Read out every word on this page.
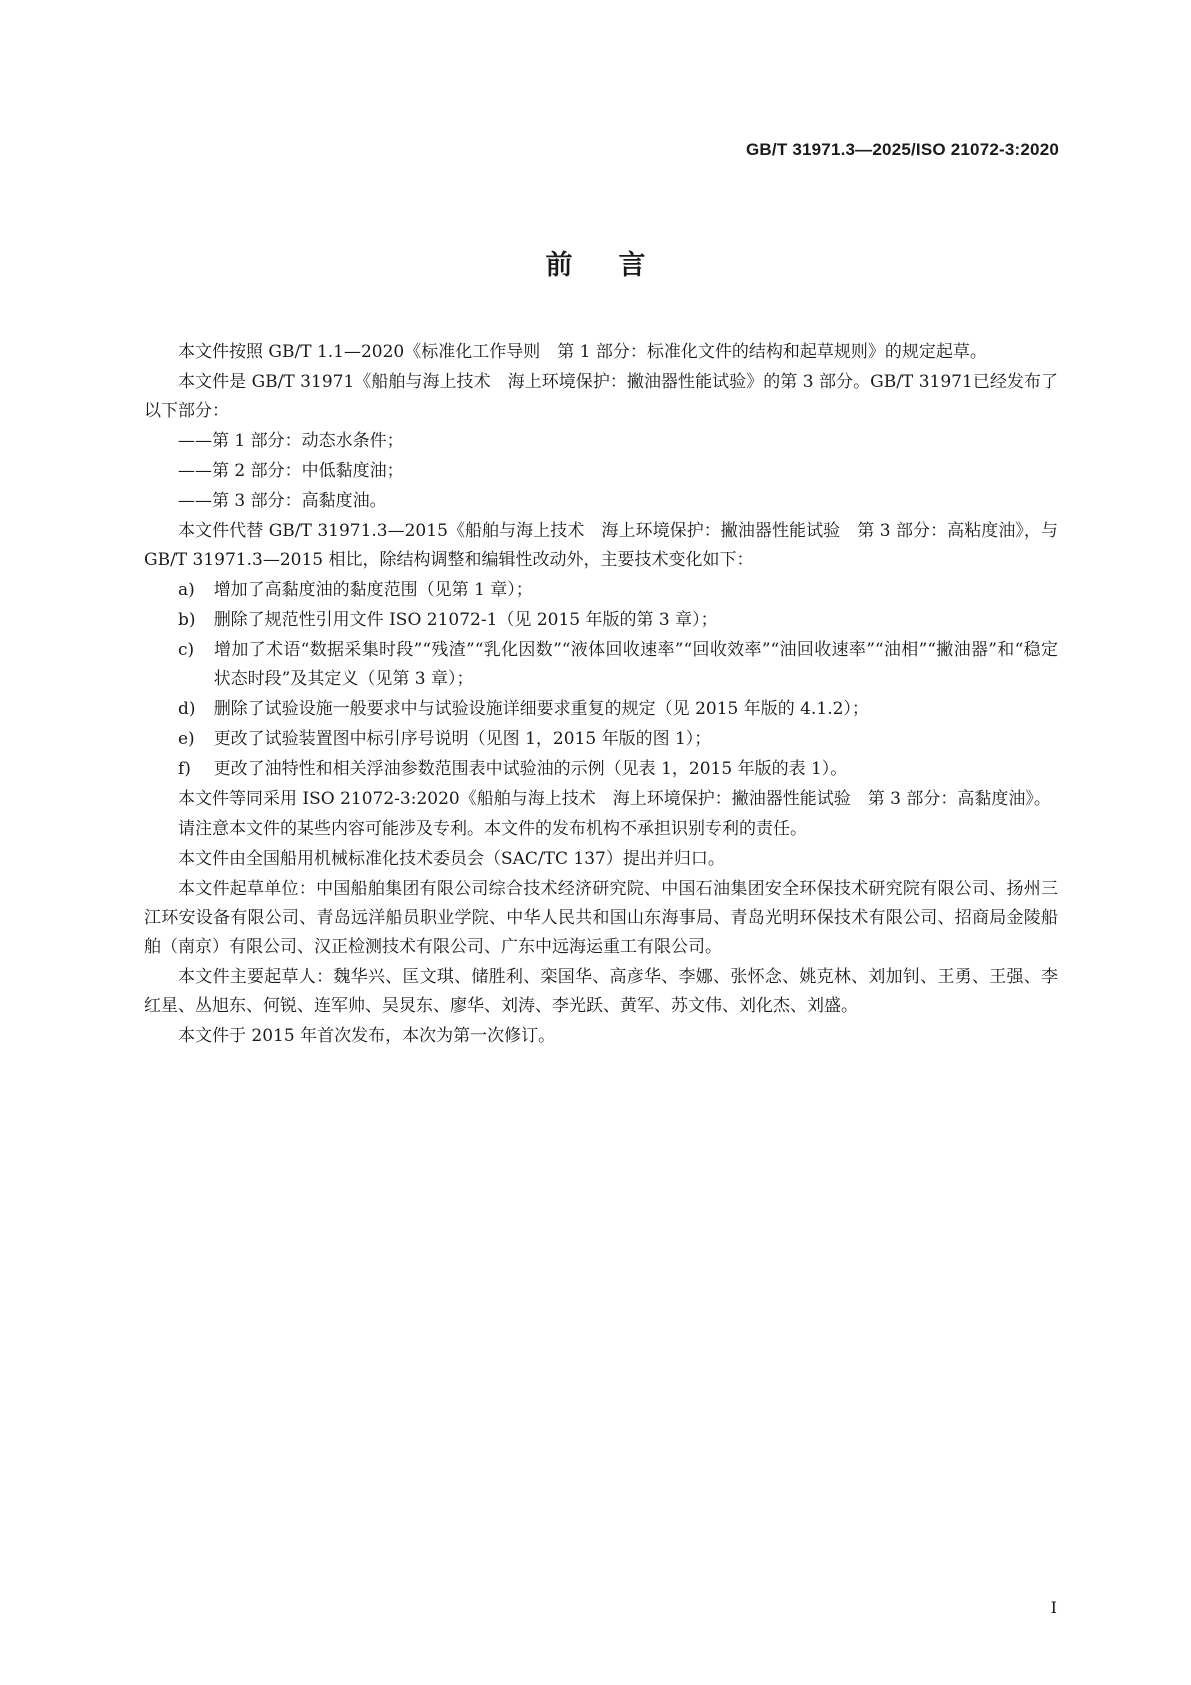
GB/T 31971.3—2025/ISO 21072-3:2020
前言

本文件按照 GB/T 1.1—2020《标准化工作导则　第 1 部分：标准化文件的结构和起草规则》的规定起草。

本文件是 GB/T 31971《船舶与海上技术　海上环境保护：撇油器性能试验》的第 3 部分。GB/T 31971已经发布了以下部分：

——第 1 部分：动态水条件；

——第 2 部分：中低黏度油；

——第 3 部分：高黏度油。

本文件代替 GB/T 31971.3—2015《船舶与海上技术　海上环境保护：撇油器性能试验　第 3 部分：高粘度油》，与 GB/T 31971.3—2015 相比，除结构调整和编辑性改动外，主要技术变化如下：

a) 增加了高黏度油的黏度范围（见第 1 章）；

b) 删除了规范性引用文件 ISO 21072-1（见 2015 年版的第 3 章）；

c) 增加了术语“数据采集时段”“残渣”“乳化因数”“液体回收速率”“回收效率”“油回收速率”“油相”“撇油器”和“稳定状态时段”及其定义（见第 3 章）；

d) 删除了试验设施一般要求中与试验设施详细要求重复的规定（见 2015 年版的 4.1.2）；

e) 更改了试验装置图中标引序号说明（见图 1，2015 年版的图 1）；

f) 更改了油特性和相关浮油参数范围表中试验油的示例（见表 1，2015 年版的表 1）。

本文件等同采用 ISO 21072-3:2020《船舶与海上技术　海上环境保护：撇油器性能试验　第 3 部分：高黏度油》。

请注意本文件的某些内容可能涉及专利。本文件的发布机构不承担识别专利的责任。

本文件由全国船用机械标准化技术委员会（SAC/TC 137）提出并归口。

本文件起草单位：中国船舶集团有限公司综合技术经济研究院、中国石油集团安全环保技术研究院有限公司、扬州三江环安设备有限公司、青岛远洋船员职业学院、中华人民共和国山东海事局、青岛光明环保技术有限公司、招商局金陵船舶（南京）有限公司、汉正检测技术有限公司、广东中远海运重工有限公司。

本文件主要起草人：魏华兴、匡文琪、储胜利、栾国华、高彦华、李娜、张怀念、姚克林、刘加钊、王勇、王强、李红星、丛旭东、何锐、连军帅、吴炅东、廖华、刘涛、李光跃、黄军、苏文伟、刘化杰、刘盛。

本文件于 2015 年首次发布，本次为第一次修订。

I
